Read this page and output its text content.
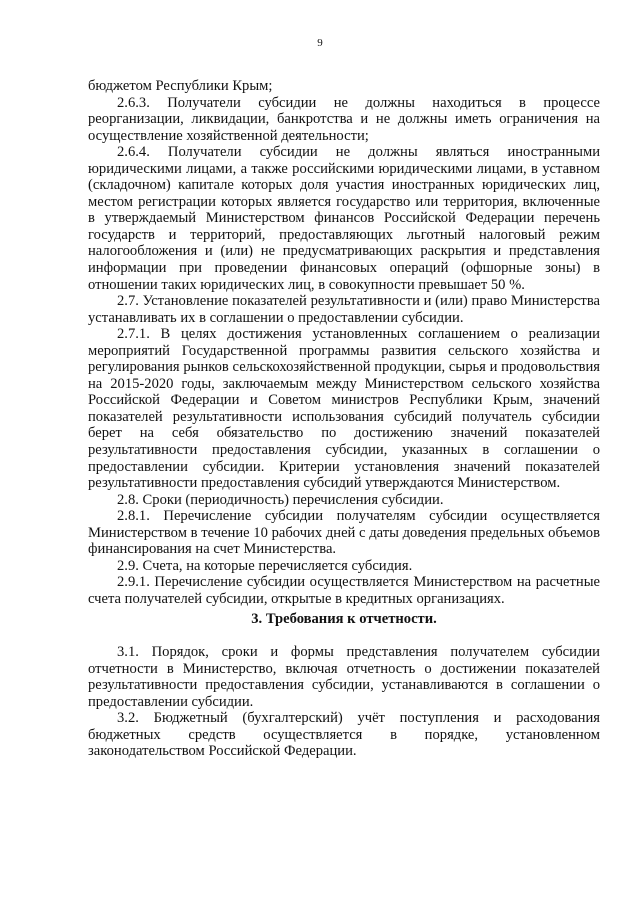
9

бюджетом Республики Крым;

2.6.3. Получатели субсидии не должны находиться в процессе реорганизации, ликвидации, банкротства и не должны иметь ограничения на осуществление хозяйственной деятельности;

2.6.4. Получатели субсидии не должны являться иностранными юридическими лицами, а также российскими юридическими лицами, в уставном (складочном) капитале которых доля участия иностранных юридических лиц, местом регистрации которых является государство или территория, включенные в утверждаемый Министерством финансов Российской Федерации перечень государств и территорий, предоставляющих льготный налоговый режим налогообложения и (или) не предусматривающих раскрытия и представления информации при проведении финансовых операций (офшорные зоны) в отношении таких юридических лиц, в совокупности превышает 50 %.

2.7. Установление показателей результативности и (или) право Министерства устанавливать их в соглашении о предоставлении субсидии.

2.7.1. В целях достижения установленных соглашением о реализации мероприятий Государственной программы развития сельского хозяйства и регулирования рынков сельскохозяйственной продукции, сырья и продовольствия на 2015-2020 годы, заключаемым между Министерством сельского хозяйства Российской Федерации и Советом министров Республики Крым, значений показателей результативности использования субсидий получатель субсидии берет на себя обязательство по достижению значений показателей результативности предоставления субсидии, указанных в соглашении о предоставлении субсидии. Критерии установления значений показателей результативности предоставления субсидий утверждаются Министерством.

2.8. Сроки (периодичность) перечисления субсидии.

2.8.1. Перечисление субсидии получателям субсидии осуществляется Министерством в течение 10 рабочих дней с даты доведения предельных объемов финансирования на счет Министерства.

2.9. Счета, на которые перечисляется субсидия.

2.9.1. Перечисление субсидии осуществляется Министерством на расчетные счета получателей субсидии, открытые в кредитных организациях.

3. Требования к отчетности.

3.1. Порядок, сроки и формы представления получателем субсидии отчетности в Министерство, включая отчетность о достижении показателей результативности предоставления субсидии, устанавливаются в соглашении о предоставлении субсидии.

3.2. Бюджетный (бухгалтерский) учёт поступления и расходования бюджетных средств осуществляется в порядке, установленном законодательством Российской Федерации.
